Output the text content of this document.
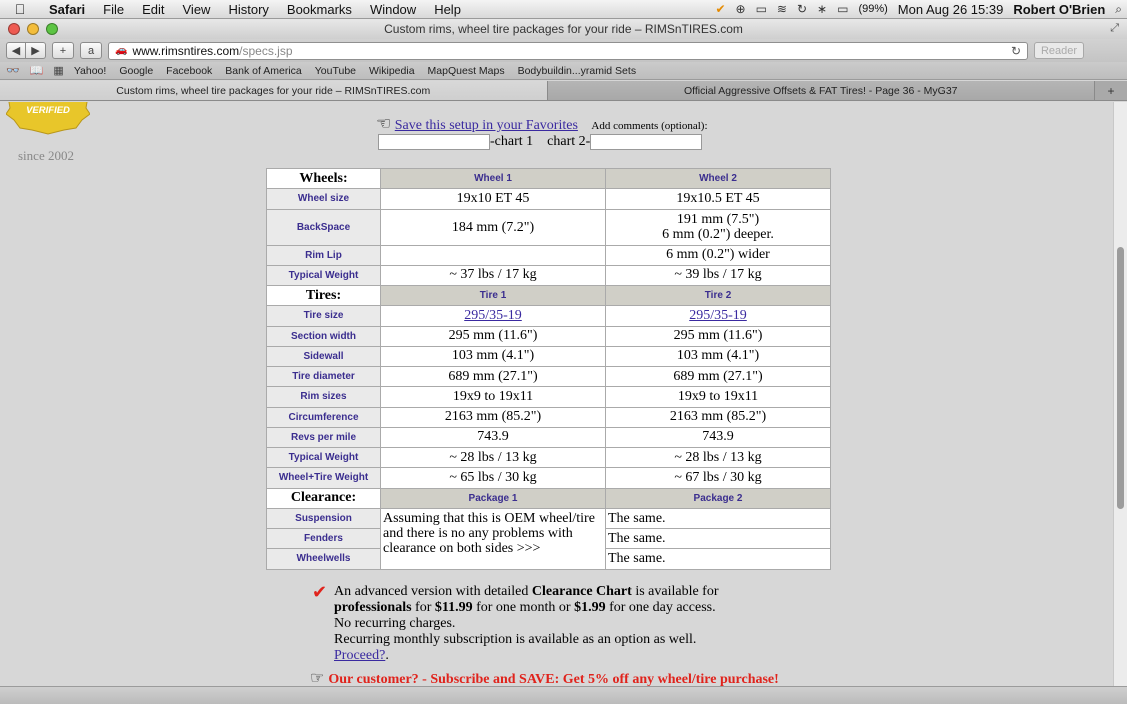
Safari	File	Edit	View	History	Bookmarks	Window	Help	✔ ⊕ ▭ ≋ ↻ ∗ ▭ (99%) Mon Aug 26 15:39 Robert O'Brien ⌕
Custom rims, wheel tire packages for your ride – RIMSnTIRES.com	⤢
◀	▶	+	a	🚗 www.rimsntires.com /specs.jsp	↻	Reader
👓 📖 ▦ Yahoo! Google Facebook Bank of America YouTube Wikipedia MapQuest Maps Bodybuildin...yramid Sets
Custom rims, wheel tire packages for your ride – RIMSnTIRES.com	Official Aggressive Offsets & FAT Tires! - Page 36 - MyG37	+
VERIFIED
since 2002
☜ Save this setup in your Favorites Add comments (optional):
-chart 1 chart 2-
Wheels:	Wheel 1	Wheel 2
Wheel size	19x10 ET 45	19x10.5 ET 45
BackSpace	184 mm (7.2")	191 mm (7.5")
6 mm (0.2") deeper.

Rim Lip		6 mm (0.2") wider
Typical Weight	~ 37 lbs / 17 kg	~ 39 lbs / 17 kg
Tires:	Tire 1	Tire 2
Tire size	295/35-19	295/35-19
Section width	295 mm (11.6")	295 mm (11.6")
Sidewall	103 mm (4.1")	103 mm (4.1")
Tire diameter	689 mm (27.1")	689 mm (27.1")
Rim sizes	19x9 to 19x11	19x9 to 19x11
Circumference	2163 mm (85.2")	2163 mm (85.2")
Revs per mile	743.9	743.9
Typical Weight	~ 28 lbs / 13 kg	~ 28 lbs / 13 kg
Wheel+Tire Weight	~ 65 lbs / 30 kg	~ 67 lbs / 30 kg
Clearance:	Package 1	Package 2
Suspension	Assuming that this is OEM wheel/tire and there is no any problems with clearance on both sides >>>	The same.
Fenders		The same.
Wheelwells		The same.
✔ An advanced version with detailed Clearance Chart is available for
professionals for $11.99 for one month or $1.99 for one day access.
No recurring charges.
Recurring monthly subscription is available as an option as well.
Proceed?.
☞ Our customer? - Subscribe and SAVE: Get 5% off any wheel/tire purchase!
